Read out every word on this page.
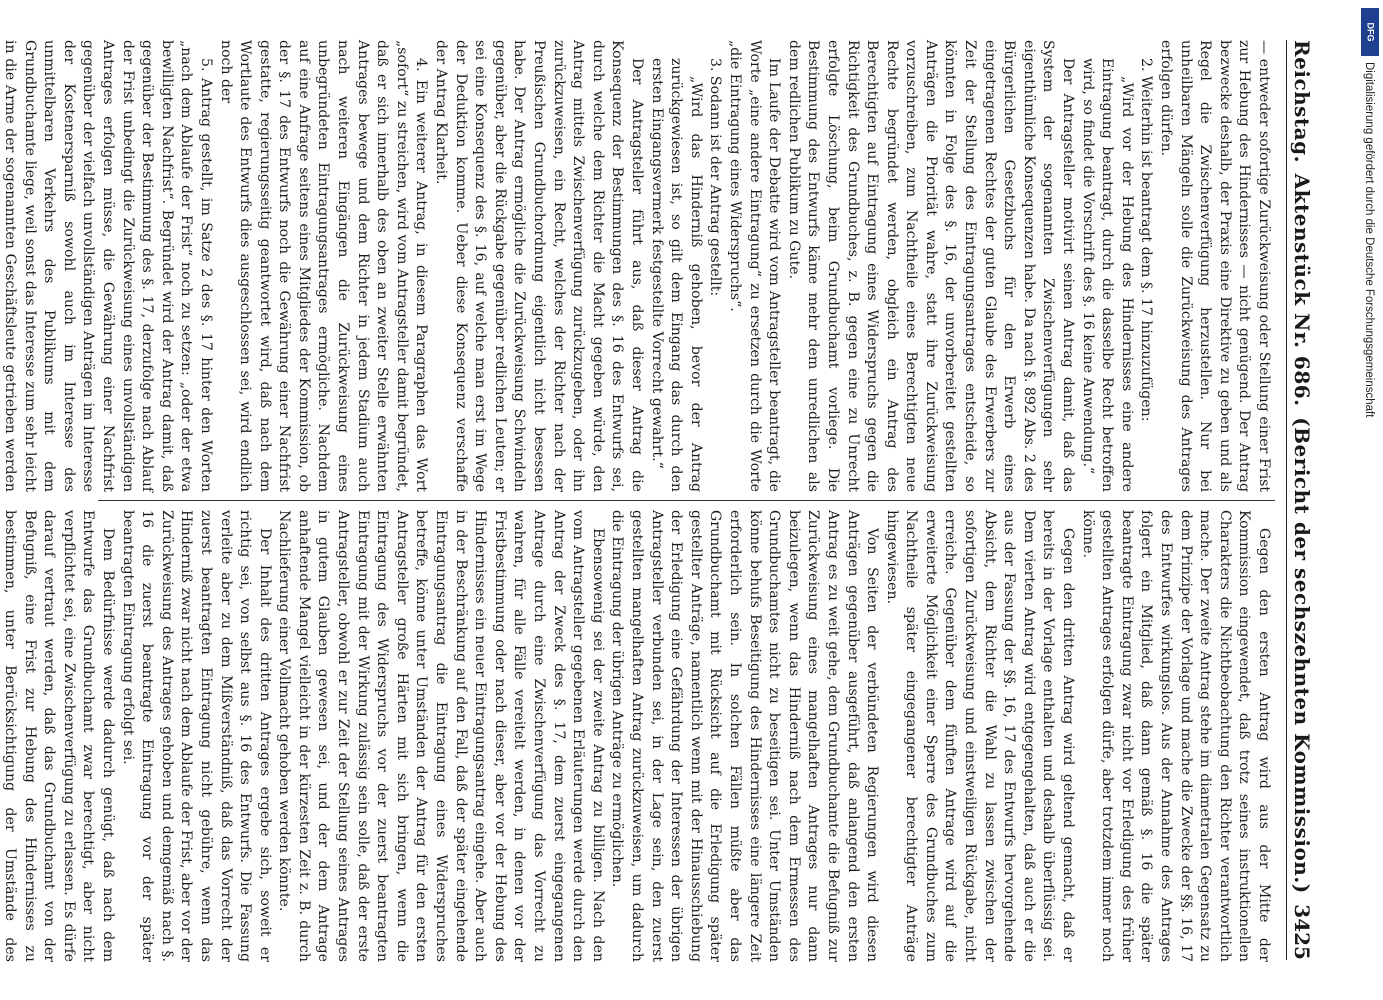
Reichstag.
Aktenstück Nr. 686.
(Bericht der sechszehnten Kommission.)
3425

— entweder sofortige Zurückweisung oder Stellung einer Frist zur Hebung des Hindernisses — nicht genügend. Der Antrag bezwecke deshalb, der Praxis eine Direktive zu geben und als Regel die Zwischenverfügung herzustellen. Nur bei unheilbaren Mängeln solle die Zurückweisung des Antrages erfolgen dürfen.

2. Weiterhin ist beantragt dem §. 17 hinzuzufügen:

„Wird vor der Hebung des Hindernisses eine andere Eintragung beantragt, durch die dasselbe Recht betroffen wird, so findet die Vorschrift des §. 16 keine Anwendung.“

Der Antragsteller motivirt seinen Antrag damit, daß das System der sogenannten Zwischenverfügungen sehr eigenthümliche Konsequenzen habe. Da nach §. 892 Abs. 2 des Bürgerlichen Gesetzbuchs für den Erwerb eines eingetragenen Rechtes der guten Glaube des Erwerbers zur Zeit der Stellung des Eintragungsantrages entscheide, so könnten in Folge des §. 16, der unvorbereitet gestellten Anträgen die Priorität wahre, statt ihre Zurückweisung vorzuschreiben, zum Nachtheile eines Berechtigten neue Rechte begründet werden, obgleich ein Antrag des Berechtigten auf Eintragung eines Widerspruchs gegen die Richtigkeit des Grundbuches, z. B. gegen eine zu Unrecht erfolgte Löschung, beim Grundbuchamt vorliege. Die Bestimmung des Entwurfs käme mehr dem unredlichen als dem redlichen Publikum zu Gute.

Im Laufe der Debatte wird vom Antragsteller beantragt, die Worte „eine andere Eintragung“ zu ersetzen durch die Worte „die Eintragung eines Widerspruchs“.

3. Sodann ist der Antrag gestellt:

„Wird das Hinderniß gehoben, bevor der Antrag zurückgewiesen ist, so gilt dem Eingang das durch den ersten Eingangsvermerk festgestellte Vorrecht gewahrt.“

Der Antragsteller führt aus, daß dieser Antrag die Konsequenz der Bestimmungen des §. 16 des Entwurfs sei, durch welche dem Richter die Macht gegeben würde, den Antrag mittels Zwischenverfügung zurückzugeben, oder ihn zurückzuweisen, ein Recht, welches der Richter nach der Preußischen Grundbuchordnung eigentlich nicht besessen habe. Der Antrag ermögliche die Zurückweisung Schwindeln gegenüber, aber die Rückgabe gegenüber redlichen Leuten; er sei eine Konsequenz des §. 16, auf welche man erst im Wege der Deduktion komme. Ueber diese Konsequenz verschaffe der Antrag Klarheit.

4. Ein weiterer Antrag, in diesem Paragraphen das Wort „sofort“ zu streichen, wird vom Antragsteller damit begründet, daß er sich innerhalb des oben an zweiter Stelle erwähnten Antrages bewege und dem Richter in jedem Stadium auch nach weiteren Eingängen die Zurückweisung eines unbegründeten Eintragungsantrages ermögliche. Nachdem auf eine Anfrage seitens eines Mitgliedes der Kommission, ob der §. 17 des Entwurfs noch die Gewährung einer Nachfrist gestatte, regierungsseitig geantwortet wird, daß nach dem Wortlaute des Entwurfs dies ausgeschlossen sei, wird endlich noch der

5. Antrag gestellt, im Satze 2 des §. 17 hinter den Worten „nach dem Ablaufe der Frist“ noch zu setzen: „oder der etwa bewilligten Nachfrist“. Begründet wird der Antrag damit, daß gegenüber der Bestimmung des §. 17, derzufolge nach Ablauf der Frist unbedingt die Zurückweisung eines unvollständigen Antrages erfolgen müsse, die Gewährung einer Nachfrist gegenüber der vielfach unvollständigen Anträgen im Interesse der Kostenersparniß sowohl auch im Interesse des unmittelbaren Verkehrs des Publikums mit dem Grundbuchamte liege, weil sonst das Interesse zum sehr leicht in die Arme der sogenannten Geschäftsleute getrieben werden

Gegen den ersten Antrag wird aus der Mitte der Kommission eingewendet, daß trotz seines instruktionellen Charakters die Nichtbeobachtung den Richter verantwortlich mache. Der zweite Antrag stehe im diametralen Gegensatz zu dem Prinzipe der Vorlage und mache die Zwecke der §§. 16, 17 des Entwurfes wirkungslos. Aus der Annahme des Antrages folgert ein Mitglied, daß dann gemäß §. 16 die später beantragte Eintragung zwar nicht vor Erledigung des früher gestellten Antrages erfolgen dürfe, aber trotzdem immer noch könne.

Gegen den dritten Antrag wird geltend gemacht, daß er bereits in der Vorlage enthalten und deshalb überflüssig sei. Dem vierten Antrag wird entgegengehalten, daß auch er die aus der Fassung der §§. 16, 17 des Entwurfs hervorgehende Absicht, dem Richter die Wahl zu lassen zwischen der sofortigen Zurückweisung und einstweiligen Rückgabe, nicht erreiche. Gegenüber dem fünften Antrage wird auf die erweiterte Möglichkeit einer Sperre des Grundbuches zum Nachtheile später eingegangener berechtigter Anträge hingewiesen.

Von Seiten der verbündeten Regierungen wird diesen Anträgen gegenüber ausgeführt, daß anlangend den ersten Antrag es zu weit gehe, dem Grundbuchamte die Befugniß zur Zurückweisung eines mangelhaften Antrages nur dann beizulegen, wenn das Hinderniß nach dem Ermessen des Grundbuchamtes nicht zu beseitigen sei. Unter Umständen könne behufs Beseitigung des Hindernisses eine längere Zeit erforderlich sein. In solchen Fällen müßte aber das Grundbuchamt mit Rücksicht auf die Erledigung später gestellter Anträge, namentlich wenn mit der Hinausschiebung der Erledigung eine Gefährdung der Interessen der übrigen Antragsteller verbunden sei, in der Lage sein, den zuerst gestellten mangelhaften Antrag zurückzuweisen, um dadurch die Eintragung der übrigen Anträge zu ermöglichen.

Ebensowenig sei der zweite Antrag zu billigen. Nach den vom Antragsteller gegebenen Erläuterungen werde durch den Antrag der Zweck des §. 17, dem zuerst eingegangenen Antrage durch eine Zwischenverfügung das Vorrecht zu wahren, für alle Fälle vereitelt werden, in denen vor der Fristbestimmung oder nach dieser, aber vor der Hebung des Hindernisses ein neuer Eintragungsantrag eingehe. Aber auch in der Beschränkung auf den Fall, daß der später eingehende Eintragungsantrag die Eintragung eines Widerspruches betreffe, könne unter Umständen der Antrag für den ersten Antragsteller große Härten mit sich bringen, wenn die Eintragung des Widerspruchs vor der zuerst beantragten Eintragung mit der Wirkung zulässig sein solle, daß der erste Antragsteller, obwohl er zur Zeit der Stellung seines Antrages in gutem Glauben gewesen sei, und der dem Antrage anhaftende Mangel vielleicht in der kürzesten Zeit z. B. durch Nachlieferung einer Vollmacht gehoben werden könnte.

Der Inhalt des dritten Antrages ergebe sich, soweit er richtig sei, von selbst aus §. 16 des Entwurfs. Die Fassung verleite aber zu dem Mißverständniß, daß das Vorrecht der zuerst beantragten Eintragung nicht gebühre, wenn das Hinderniß zwar nicht nach dem Ablaufe der Frist, aber vor der Zurückweisung des Antrages gehoben und demgemäß nach §. 16 die zuerst beantragte Eintragung vor der später beantragten Eintragung erfolgt sei.

Dem Bedürfnisse werde dadurch genügt, daß nach dem Entwurfe das Grundbuchamt zwar berechtigt, aber nicht verpflichtet sei, eine Zwischenverfügung zu erlassen. Es dürfe darauf vertraut werden, daß das Grundbuchamt von der Befugniß, eine Frist zur Hebung des Hindernisses zu bestimmen, unter Berücksichtigung der Umstände des

DFG
Digitalisierung gefördert durch die Deutsche Forschungsgemeinschaft
